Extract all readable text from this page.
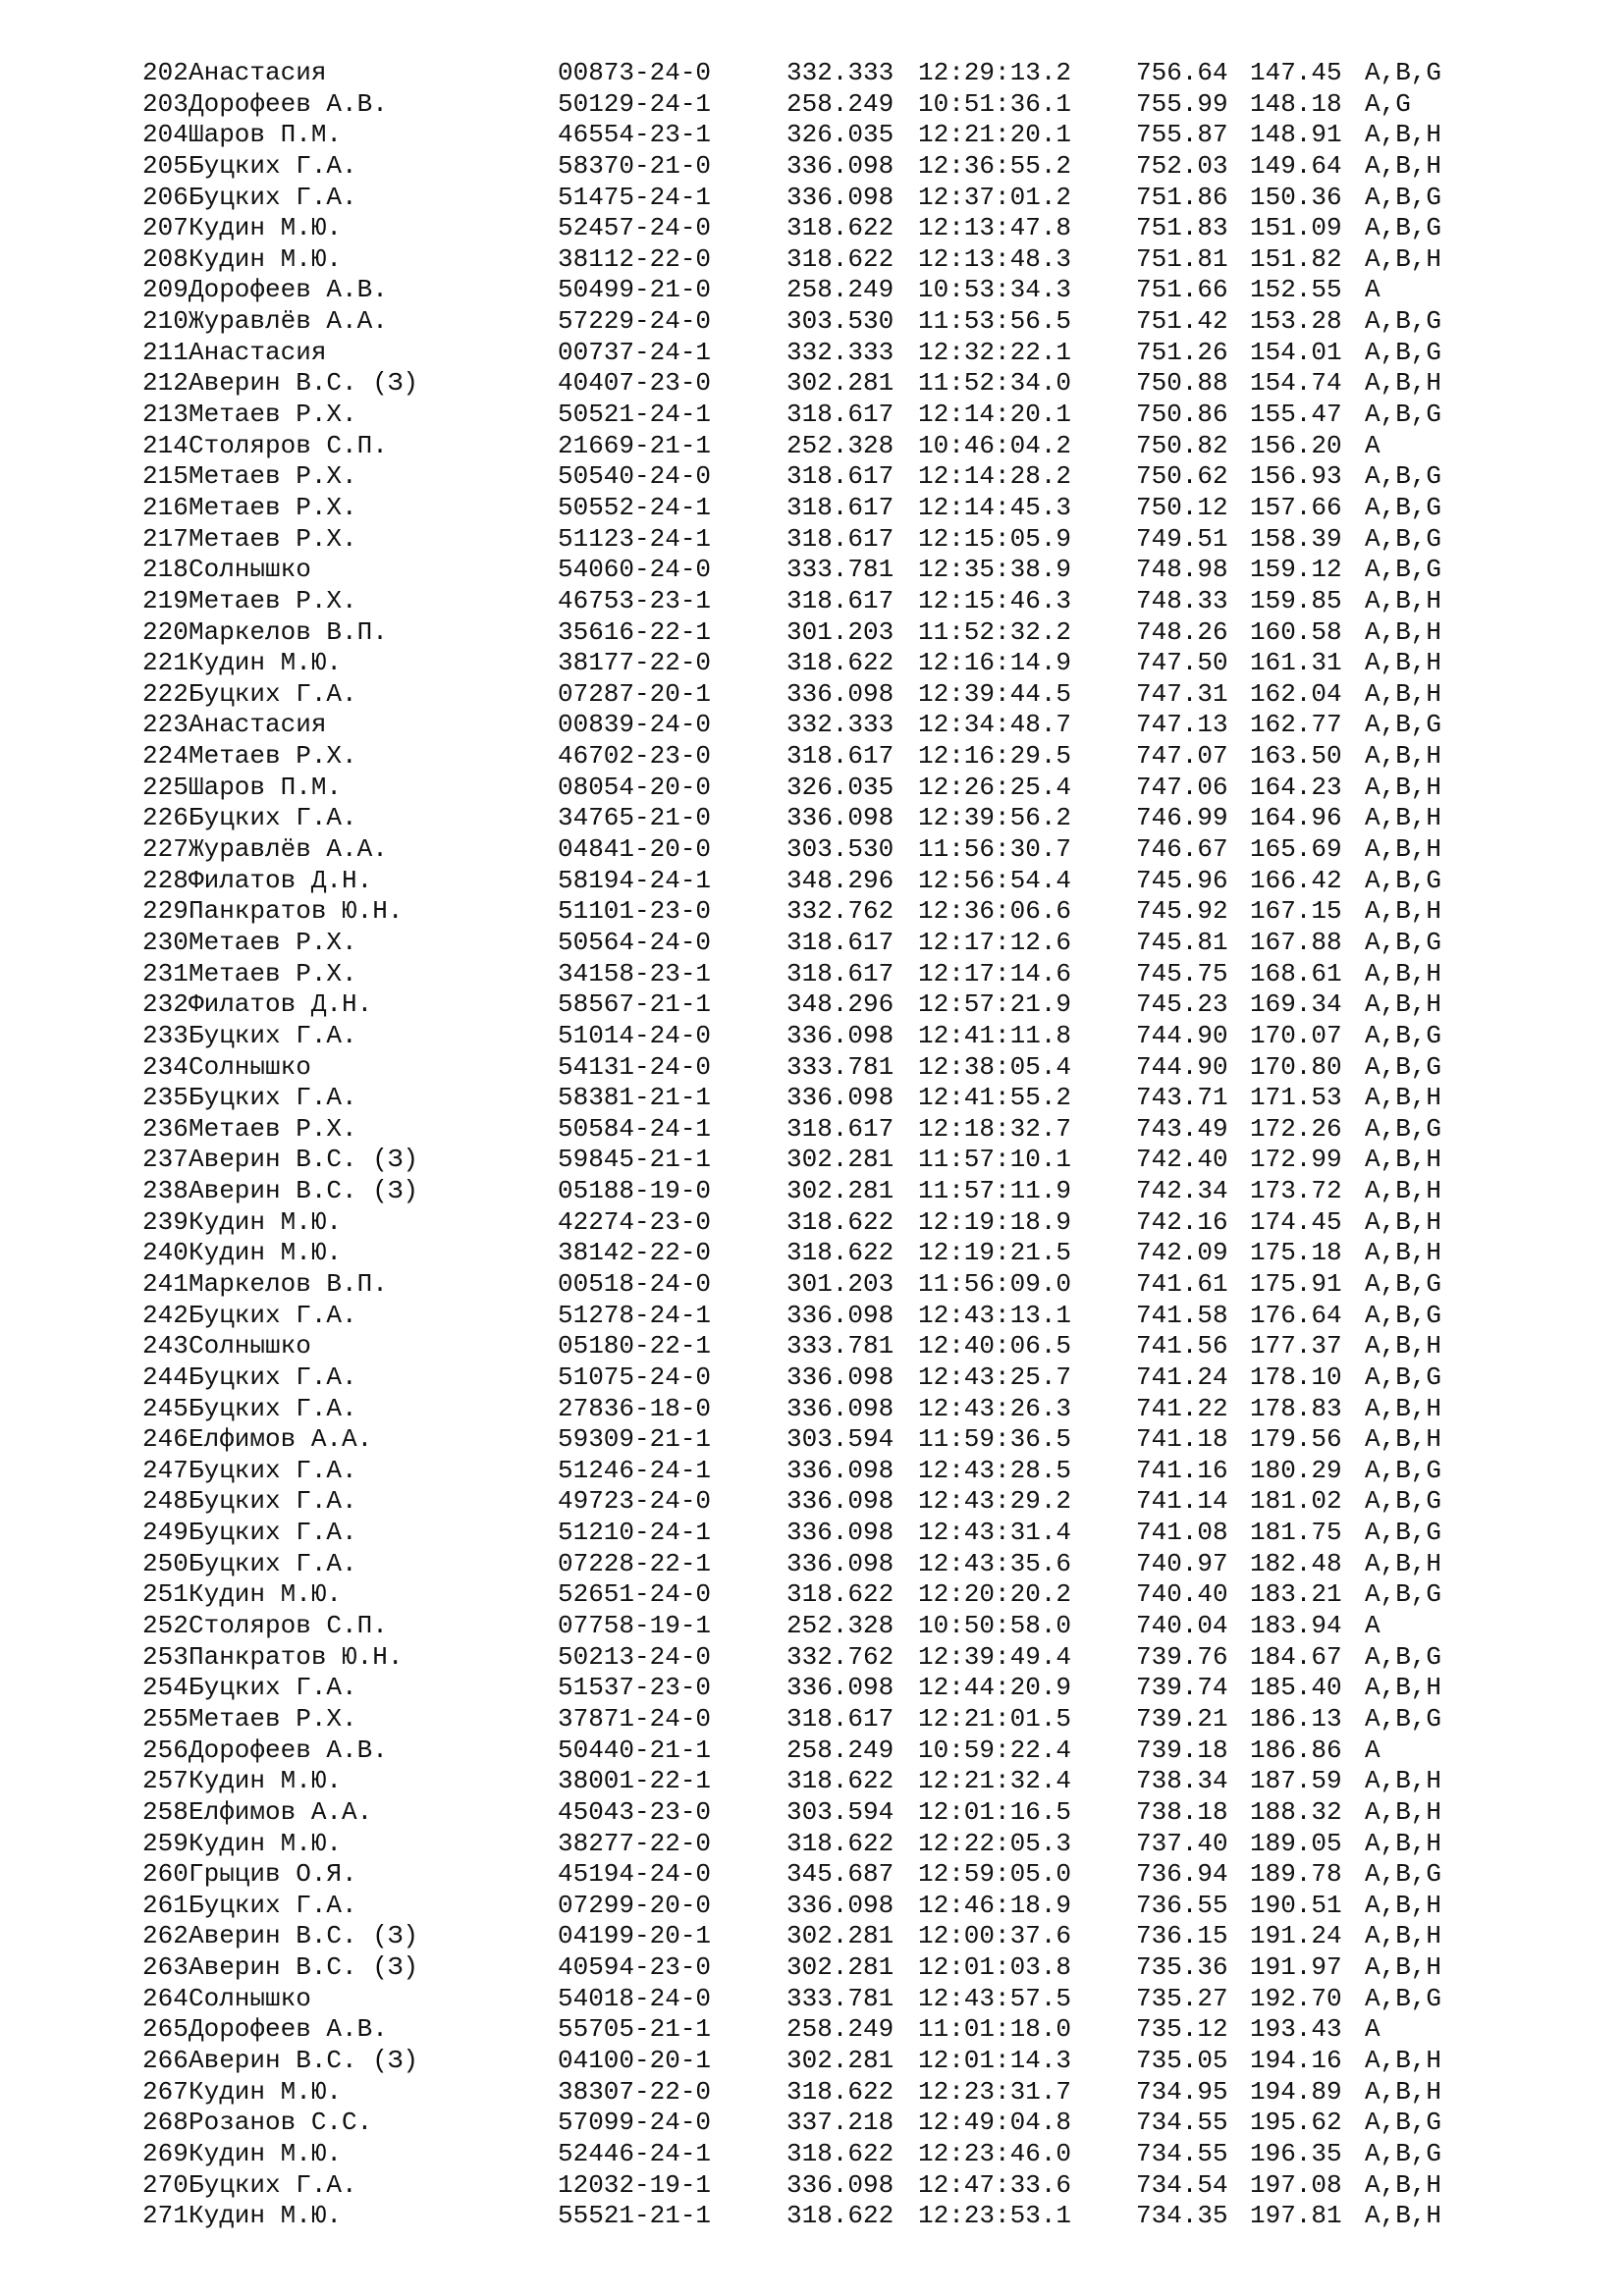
202 Анастасия	00873-24-0	332.333 12:29:13.2	756.64 147.45 A,B,G
203 Дорофеев А.В.	50129-24-1	258.249 10:51:36.1	755.99 148.18 A,G
204 Шаров П.М.	46554-23-1	326.035 12:21:20.1	755.87 148.91 A,B,H
205 Буцких Г.А.	58370-21-0	336.098 12:36:55.2	752.03 149.64 A,B,H
206 Буцких Г.А.	51475-24-1	336.098 12:37:01.2	751.86 150.36 A,B,G
207 Кудин М.Ю.	52457-24-0	318.622 12:13:47.8	751.83 151.09 A,B,G
208 Кудин М.Ю.	38112-22-0	318.622 12:13:48.3	751.81 151.82 A,B,H
209 Дорофеев А.В.	50499-21-0	258.249 10:53:34.3	751.66 152.55 A
210 Журавлёв А.А.	57229-24-0	303.530 11:53:56.5	751.42 153.28 A,B,G
211 Анастасия	00737-24-1	332.333 12:32:22.1	751.26 154.01 A,B,G
212 Аверин В.С. (З)	40407-23-0	302.281 11:52:34.0	750.88 154.74 A,B,H
213 Метаев Р.Х.	50521-24-1	318.617 12:14:20.1	750.86 155.47 A,B,G
214 Столяров С.П.	21669-21-1	252.328 10:46:04.2	750.82 156.20 A
215 Метаев Р.Х.	50540-24-0	318.617 12:14:28.2	750.62 156.93 A,B,G
216 Метаев Р.Х.	50552-24-1	318.617 12:14:45.3	750.12 157.66 A,B,G
217 Метаев Р.Х.	51123-24-1	318.617 12:15:05.9	749.51 158.39 A,B,G
218 Солнышко	54060-24-0	333.781 12:35:38.9	748.98 159.12 A,B,G
219 Метаев Р.Х.	46753-23-1	318.617 12:15:46.3	748.33 159.85 A,B,H
220 Маркелов В.П.	35616-22-1	301.203 11:52:32.2	748.26 160.58 A,B,H
221 Кудин М.Ю.	38177-22-0	318.622 12:16:14.9	747.50 161.31 A,B,H
222 Буцких Г.А.	07287-20-1	336.098 12:39:44.5	747.31 162.04 A,B,H
223 Анастасия	00839-24-0	332.333 12:34:48.7	747.13 162.77 A,B,G
224 Метаев Р.Х.	46702-23-0	318.617 12:16:29.5	747.07 163.50 A,B,H
225 Шаров П.М.	08054-20-0	326.035 12:26:25.4	747.06 164.23 A,B,H
226 Буцких Г.А.	34765-21-0	336.098 12:39:56.2	746.99 164.96 A,B,H
227 Журавлёв А.А.	04841-20-0	303.530 11:56:30.7	746.67 165.69 A,B,H
228 Филатов Д.Н.	58194-24-1	348.296 12:56:54.4	745.96 166.42 A,B,G
229 Панкратов Ю.Н.	51101-23-0	332.762 12:36:06.6	745.92 167.15 A,B,H
230 Метаев Р.Х.	50564-24-0	318.617 12:17:12.6	745.81 167.88 A,B,G
231 Метаев Р.Х.	34158-23-1	318.617 12:17:14.6	745.75 168.61 A,B,H
232 Филатов Д.Н.	58567-21-1	348.296 12:57:21.9	745.23 169.34 A,B,H
233 Буцких Г.А.	51014-24-0	336.098 12:41:11.8	744.90 170.07 A,B,G
234 Солнышко	54131-24-0	333.781 12:38:05.4	744.90 170.80 A,B,G
235 Буцких Г.А.	58381-21-1	336.098 12:41:55.2	743.71 171.53 A,B,H
236 Метаев Р.Х.	50584-24-1	318.617 12:18:32.7	743.49 172.26 A,B,G
237 Аверин В.С. (З)	59845-21-1	302.281 11:57:10.1	742.40 172.99 A,B,H
238 Аверин В.С. (З)	05188-19-0	302.281 11:57:11.9	742.34 173.72 A,B,H
239 Кудин М.Ю.	42274-23-0	318.622 12:19:18.9	742.16 174.45 A,B,H
240 Кудин М.Ю.	38142-22-0	318.622 12:19:21.5	742.09 175.18 A,B,H
241 Маркелов В.П.	00518-24-0	301.203 11:56:09.0	741.61 175.91 A,B,G
242 Буцких Г.А.	51278-24-1	336.098 12:43:13.1	741.58 176.64 A,B,G
243 Солнышко	05180-22-1	333.781 12:40:06.5	741.56 177.37 A,B,H
244 Буцких Г.А.	51075-24-0	336.098 12:43:25.7	741.24 178.10 A,B,G
245 Буцких Г.А.	27836-18-0	336.098 12:43:26.3	741.22 178.83 A,B,H
246 Елфимов А.А.	59309-21-1	303.594 11:59:36.5	741.18 179.56 A,B,H
247 Буцких Г.А.	51246-24-1	336.098 12:43:28.5	741.16 180.29 A,B,G
248 Буцких Г.А.	49723-24-0	336.098 12:43:29.2	741.14 181.02 A,B,G
249 Буцких Г.А.	51210-24-1	336.098 12:43:31.4	741.08 181.75 A,B,G
250 Буцких Г.А.	07228-22-1	336.098 12:43:35.6	740.97 182.48 A,B,H
251 Кудин М.Ю.	52651-24-0	318.622 12:20:20.2	740.40 183.21 A,B,G
252 Столяров С.П.	07758-19-1	252.328 10:50:58.0	740.04 183.94 A
253 Панкратов Ю.Н.	50213-24-0	332.762 12:39:49.4	739.76 184.67 A,B,G
254 Буцких Г.А.	51537-23-0	336.098 12:44:20.9	739.74 185.40 A,B,H
255 Метаев Р.Х.	37871-24-0	318.617 12:21:01.5	739.21 186.13 A,B,G
256 Дорофеев А.В.	50440-21-1	258.249 10:59:22.4	739.18 186.86 A
257 Кудин М.Ю.	38001-22-1	318.622 12:21:32.4	738.34 187.59 A,B,H
258 Елфимов А.А.	45043-23-0	303.594 12:01:16.5	738.18 188.32 A,B,H
259 Кудин М.Ю.	38277-22-0	318.622 12:22:05.3	737.40 189.05 A,B,H
260 Грыцив О.Я.	45194-24-0	345.687 12:59:05.0	736.94 189.78 A,B,G
261 Буцких Г.А.	07299-20-0	336.098 12:46:18.9	736.55 190.51 A,B,H
262 Аверин В.С. (З)	04199-20-1	302.281 12:00:37.6	736.15 191.24 A,B,H
263 Аверин В.С. (З)	40594-23-0	302.281 12:01:03.8	735.36 191.97 A,B,H
264 Солнышко	54018-24-0	333.781 12:43:57.5	735.27 192.70 A,B,G
265 Дорофеев А.В.	55705-21-1	258.249 11:01:18.0	735.12 193.43 A
266 Аверин В.С. (З)	04100-20-1	302.281 12:01:14.3	735.05 194.16 A,B,H
267 Кудин М.Ю.	38307-22-0	318.622 12:23:31.7	734.95 194.89 A,B,H
268 Розанов С.С.	57099-24-0	337.218 12:49:04.8	734.55 195.62 A,B,G
269 Кудин М.Ю.	52446-24-1	318.622 12:23:46.0	734.55 196.35 A,B,G
270 Буцких Г.А.	12032-19-1	336.098 12:47:33.6	734.54 197.08 A,B,H
271 Кудин М.Ю.	55521-21-1	318.622 12:23:53.1	734.35 197.81 A,B,H
